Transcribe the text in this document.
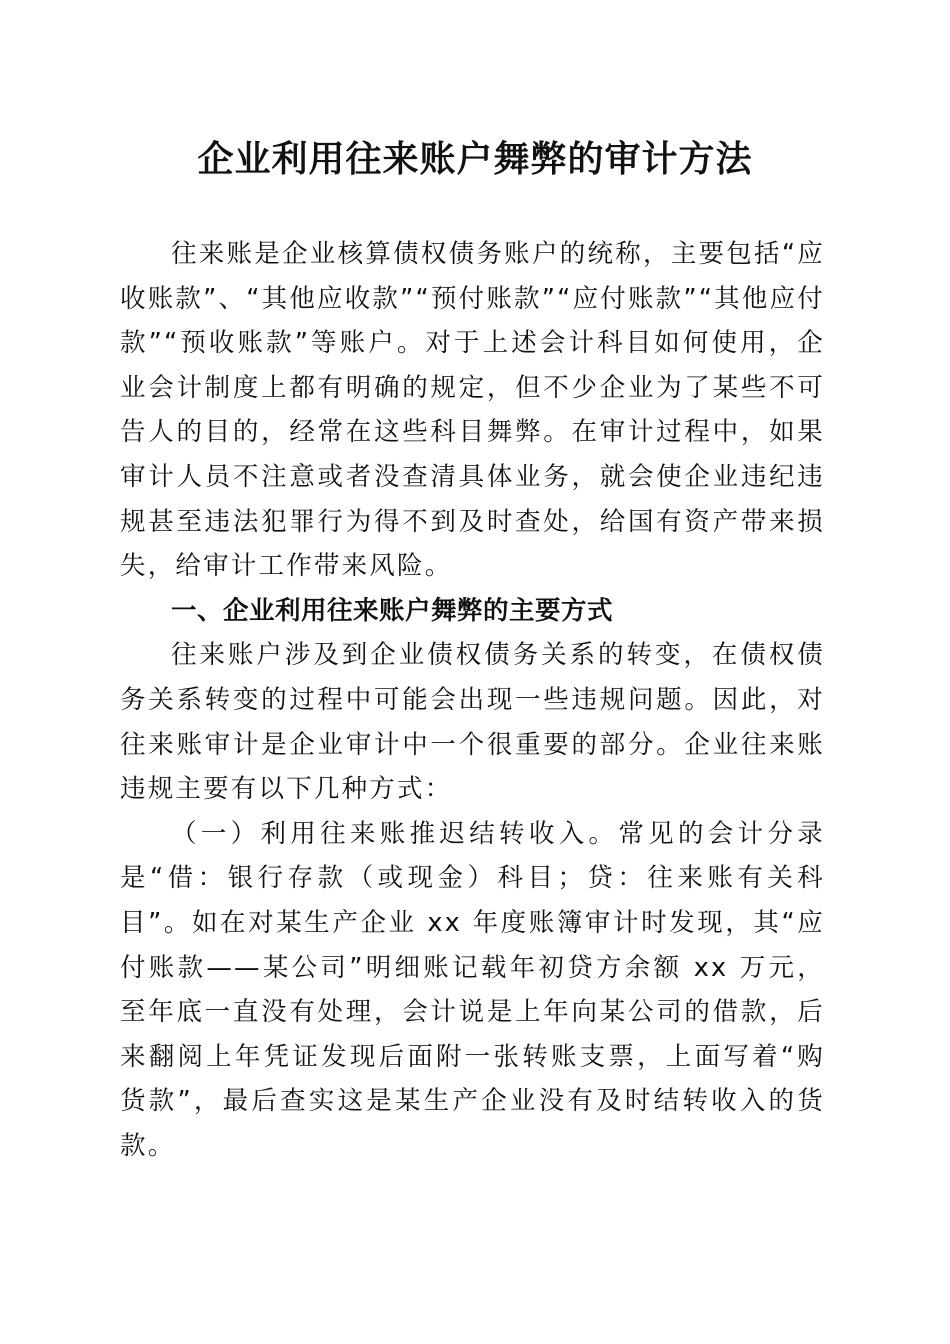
企业利用往来账户舞弊的审计方法

往来账是企业核算债权债务账户的统称，主要包括“应收账款”、“其他应收款”“预付账款”“应付账款”“其他应付款”“预收账款”等账户。对于上述会计科目如何使用，企业会计制度上都有明确的规定，但不少企业为了某些不可告人的目的，经常在这些科目舞弊。在审计过程中，如果审计人员不注意或者没查清具体业务，就会使企业违纪违规甚至违法犯罪行为得不到及时查处，给国有资产带来损失，给审计工作带来风险。

一、企业利用往来账户舞弊的主要方式

往来账户涉及到企业债权债务关系的转变，在债权债务关系转变的过程中可能会出现一些违规问题。因此，对往来账审计是企业审计中一个很重要的部分。企业往来账违规主要有以下几种方式：

（一）利用往来账推迟结转收入。常见的会计分录是“借：银行存款（或现金）科目；贷：往来账有关科目”。如在对某生产企业 xx 年度账簿审计时发现，其“应付账款——某公司”明细账记载年初贷方余额 xx 万元，至年底一直没有处理，会计说是上年向某公司的借款，后来翻阅上年凭证发现后面附一张转账支票，上面写着“购货款”，最后查实这是某生产企业没有及时结转收入的货款。
